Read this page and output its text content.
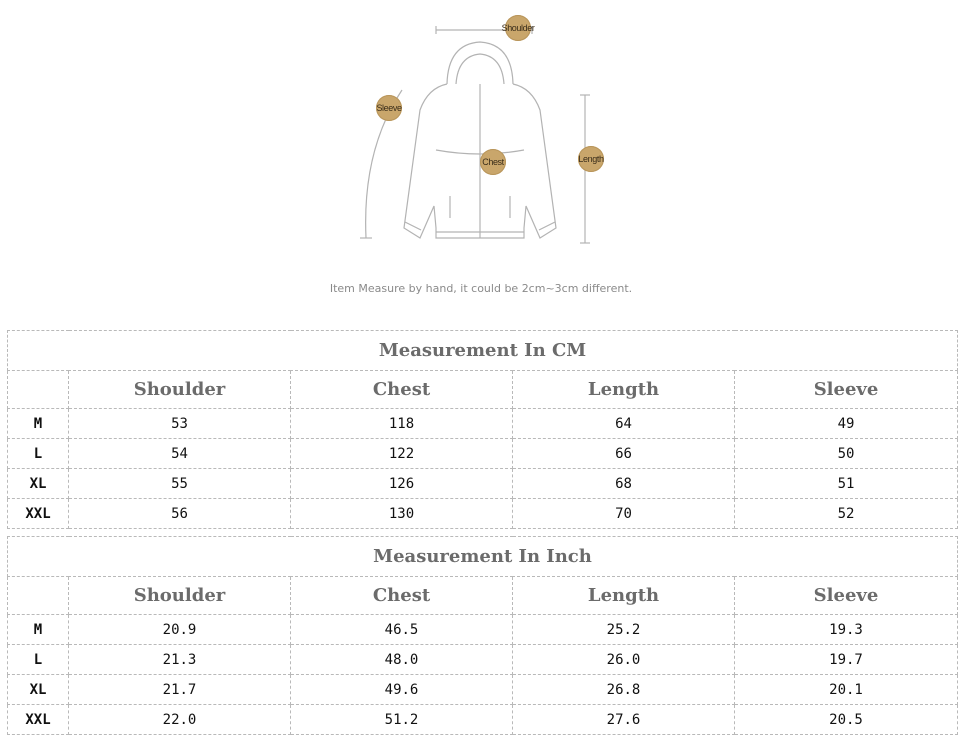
Shoulder
Sleeve
Chest	Length
Item Measure by hand, it could be 2cm~3cm different.
Measurement In CM				
	Shoulder	Chest	Length	Sleeve
M	53	118	64	49
L	54	122	66	50
XL	55	126	68	51
XXL	56	130	70	52
Measurement In Inch				
	Shoulder	Chest	Length	Sleeve
M	20.9	46.5	25.2	19.3
L	21.3	48.0	26.0	19.7
XL	21.7	49.6	26.8	20.1
XXL	22.0	51.2	27.6	20.5
